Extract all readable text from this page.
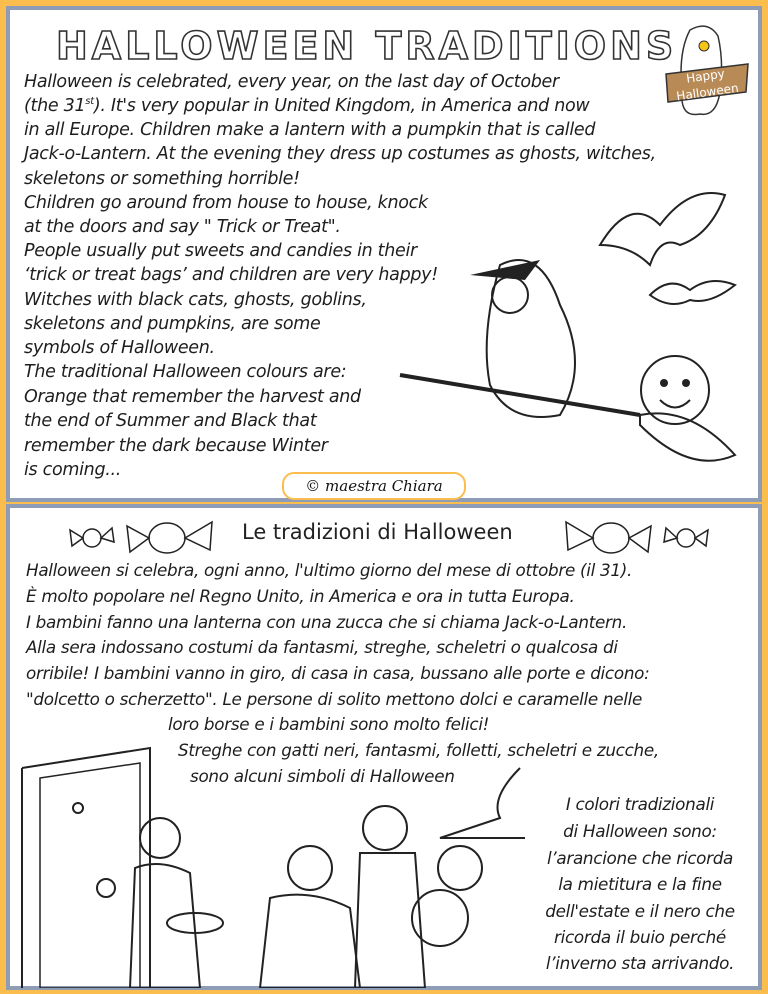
HALLOWEEN TRADITIONS
Happy
Halloween
Halloween is celebrated, every year, on the last day of October
(the 31st). It's very popular in United Kingdom, in America and now
in all Europe. Children make a lantern with a pumpkin that is called
Jack-o-Lantern. At the evening they dress up costumes as ghosts, witches,
skeletons or something horrible!
Children go around from house to house, knock
at the doors and say " Trick or Treat".
People usually put sweets and candies in their
‘trick or treat bags’ and children are very happy!
Witches with black cats, ghosts, goblins,
skeletons and pumpkins, are some
symbols of Halloween.
The traditional Halloween colours are:
Orange that remember the harvest and
the end of Summer and Black that
remember the dark because Winter
is coming...
© maestra Chiara
Le tradizioni di Halloween
Halloween si celebra, ogni anno, l'ultimo giorno del mese di ottobre (il 31).
È molto popolare nel Regno Unito, in America e ora in tutta Europa.
I bambini fanno una lanterna con una zucca che si chiama Jack-o-Lantern.
Alla sera indossano costumi da fantasmi, streghe, scheletri o qualcosa di
orribile! I bambini vanno in giro, di casa in casa, bussano alle porte e dicono:
"dolcetto o scherzetto". Le persone di solito mettono dolci e caramelle nelle
loro borse e i bambini sono molto felici!
Streghe con gatti neri, fantasmi, folletti, scheletri e zucche,
sono alcuni simboli di Halloween
I colori tradizionali
di Halloween sono:
l’arancione che ricorda
la mietitura e la fine
dell'estate e il nero che
ricorda il buio perché
l’inverno sta arrivando.
